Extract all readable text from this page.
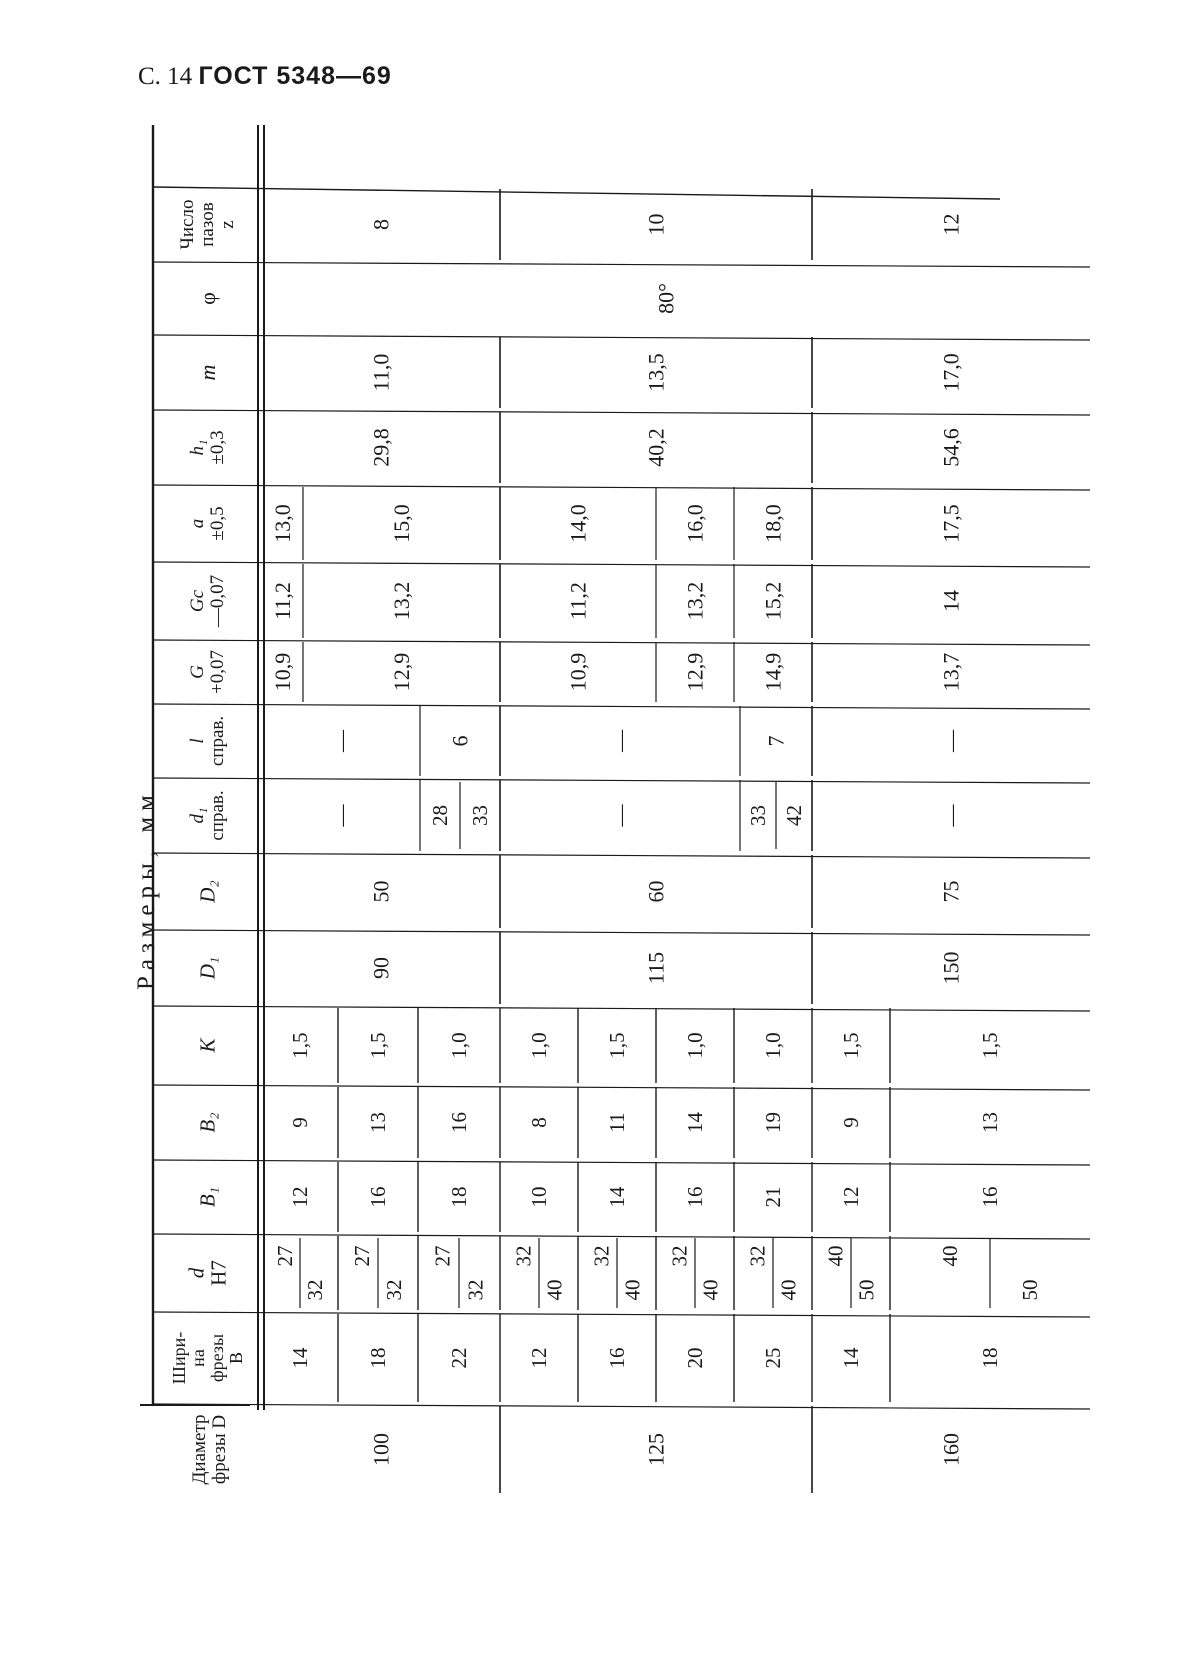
С. 14 ГОСТ 5348—69
Размеры, мм
Диаметр
фрезы D
Шири-
на
фрезы
B
d
H7
B₁
B₂
K
D₁
D₂
d₁
справ.
l
справ.
G
+0,07
Gc
—0,07
a
±0,5
h₁
±0,3
m
φ
Число
пазов
z
14
27
32
12
9
1,5
18
27
32
16
13
1,5
22
27
32
18
16
1,0
12
32
40
10
8
1,0
16
32
40
14
11
1,5
20
32
40
16
14
1,0
25
32
40
21
19
1,0
14
40
50
12
9
1,5
18
40
50
16
13
1,5
100
90
50
29,8
11,0
8
10,9
11,2
13,0
12,9
13,2
15,0
—
—
28 33
6
125
115
60
40,2
13,5
10
10,9
11,2
14,0
12,9
13,2
16,0
14,9
15,2
18,0
—
—
33 42
7
160
150
75
54,6
17,0
12
13,7
14
17,5
—
—
80°
